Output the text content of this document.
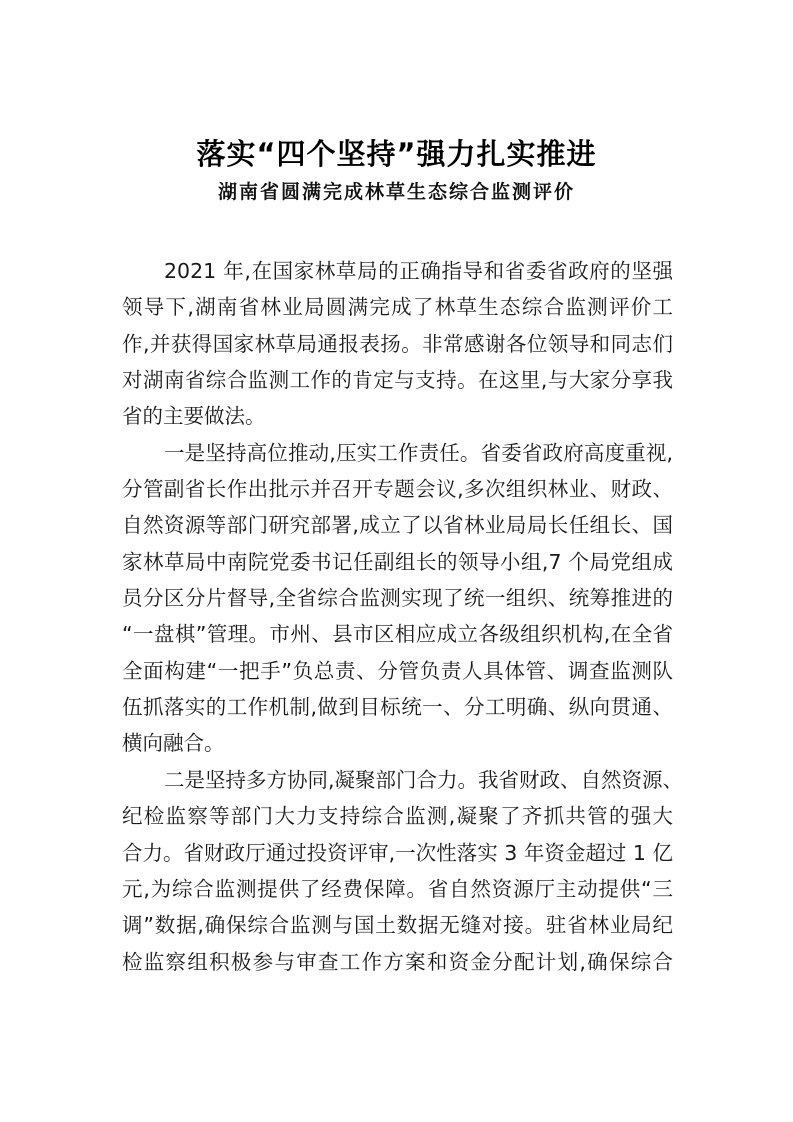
落实“四个坚持”强力扎实推进
湖南省圆满完成林草生态综合监测评价
2021 年,在国家林草局的正确指导和省委省政府的坚强
领导下,湖南省林业局圆满完成了林草生态综合监测评价工
作,并获得国家林草局通报表扬。非常感谢各位领导和同志们
对湖南省综合监测工作的肯定与支持。在这里,与大家分享我
省的主要做法。
一是坚持高位推动,压实工作责任。省委省政府高度重视,
分管副省长作出批示并召开专题会议,多次组织林业、财政、
自然资源等部门研究部署,成立了以省林业局局长任组长、国
家林草局中南院党委书记任副组长的领导小组,7 个局党组成
员分区分片督导,全省综合监测实现了统一组织、统筹推进的
“一盘棋”管理。市州、县市区相应成立各级组织机构,在全省
全面构建“一把手”负总责、分管负责人具体管、调查监测队
伍抓落实的工作机制,做到目标统一、分工明确、纵向贯通、
横向融合。
二是坚持多方协同,凝聚部门合力。我省财政、自然资源、
纪检监察等部门大力支持综合监测,凝聚了齐抓共管的强大
合力。省财政厅通过投资评审,一次性落实 3 年资金超过 1 亿
元,为综合监测提供了经费保障。省自然资源厅主动提供“三
调”数据,确保综合监测与国土数据无缝对接。驻省林业局纪
检监察组积极参与审查工作方案和资金分配计划,确保综合
